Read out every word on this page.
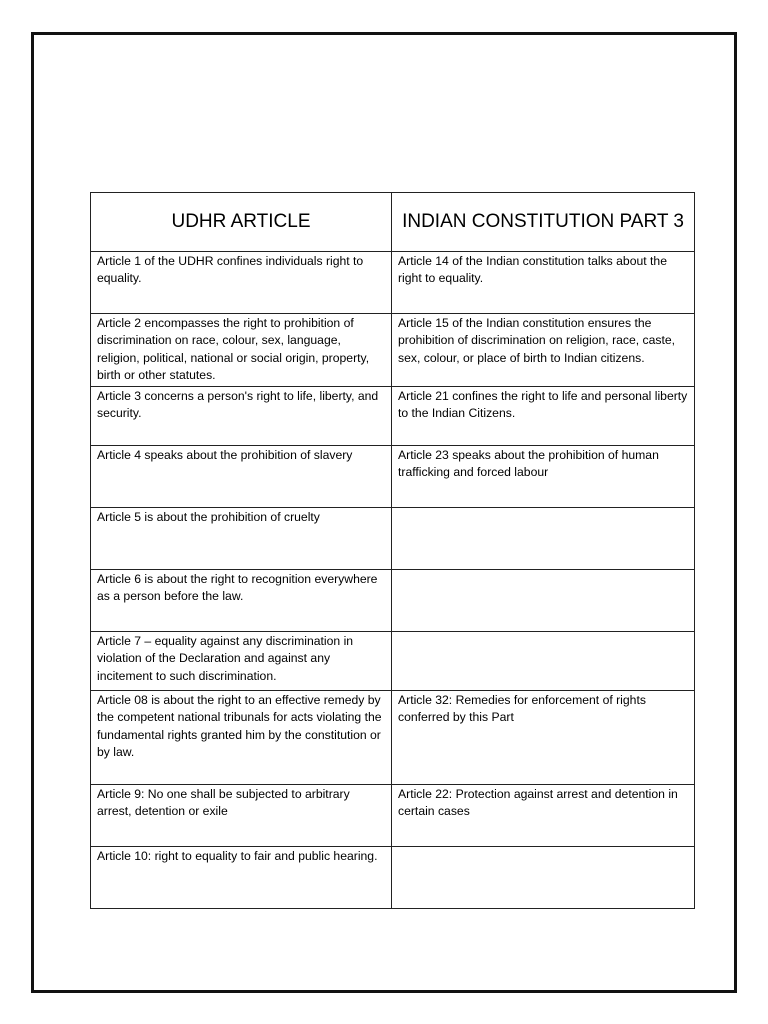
UDHR ARTICLE	INDIAN CONSTITUTION PART 3
Article 1 of the UDHR confines individuals right to equality.	Article 14 of the Indian constitution talks about the right to equality.
Article 2 encompasses the right to prohibition of discrimination on race, colour, sex, language, religion, political, national or social origin, property, birth or other statutes.	Article 15 of the Indian constitution ensures the prohibition of discrimination on religion, race, caste, sex, colour, or place of birth to Indian citizens.
Article 3 concerns a person's right to life, liberty, and security.	Article 21 confines the right to life and personal liberty to the Indian Citizens.
Article 4 speaks about the prohibition of slavery	Article 23 speaks about the prohibition of human trafficking and forced labour
Article 5 is about the prohibition of cruelty	
Article 6 is about the right to recognition everywhere as a person before the law.	
Article 7 – equality against any discrimination in violation of the Declaration and against any incitement to such discrimination.	
Article 08 is about the right to an effective remedy by the competent national tribunals for acts violating the fundamental rights granted him by the constitution or by law.	Article 32: Remedies for enforcement of rights conferred by this Part
Article 9: No one shall be subjected to arbitrary arrest, detention or exile	Article 22: Protection against arrest and detention in certain cases
Article 10: right to equality to fair and public hearing.	
